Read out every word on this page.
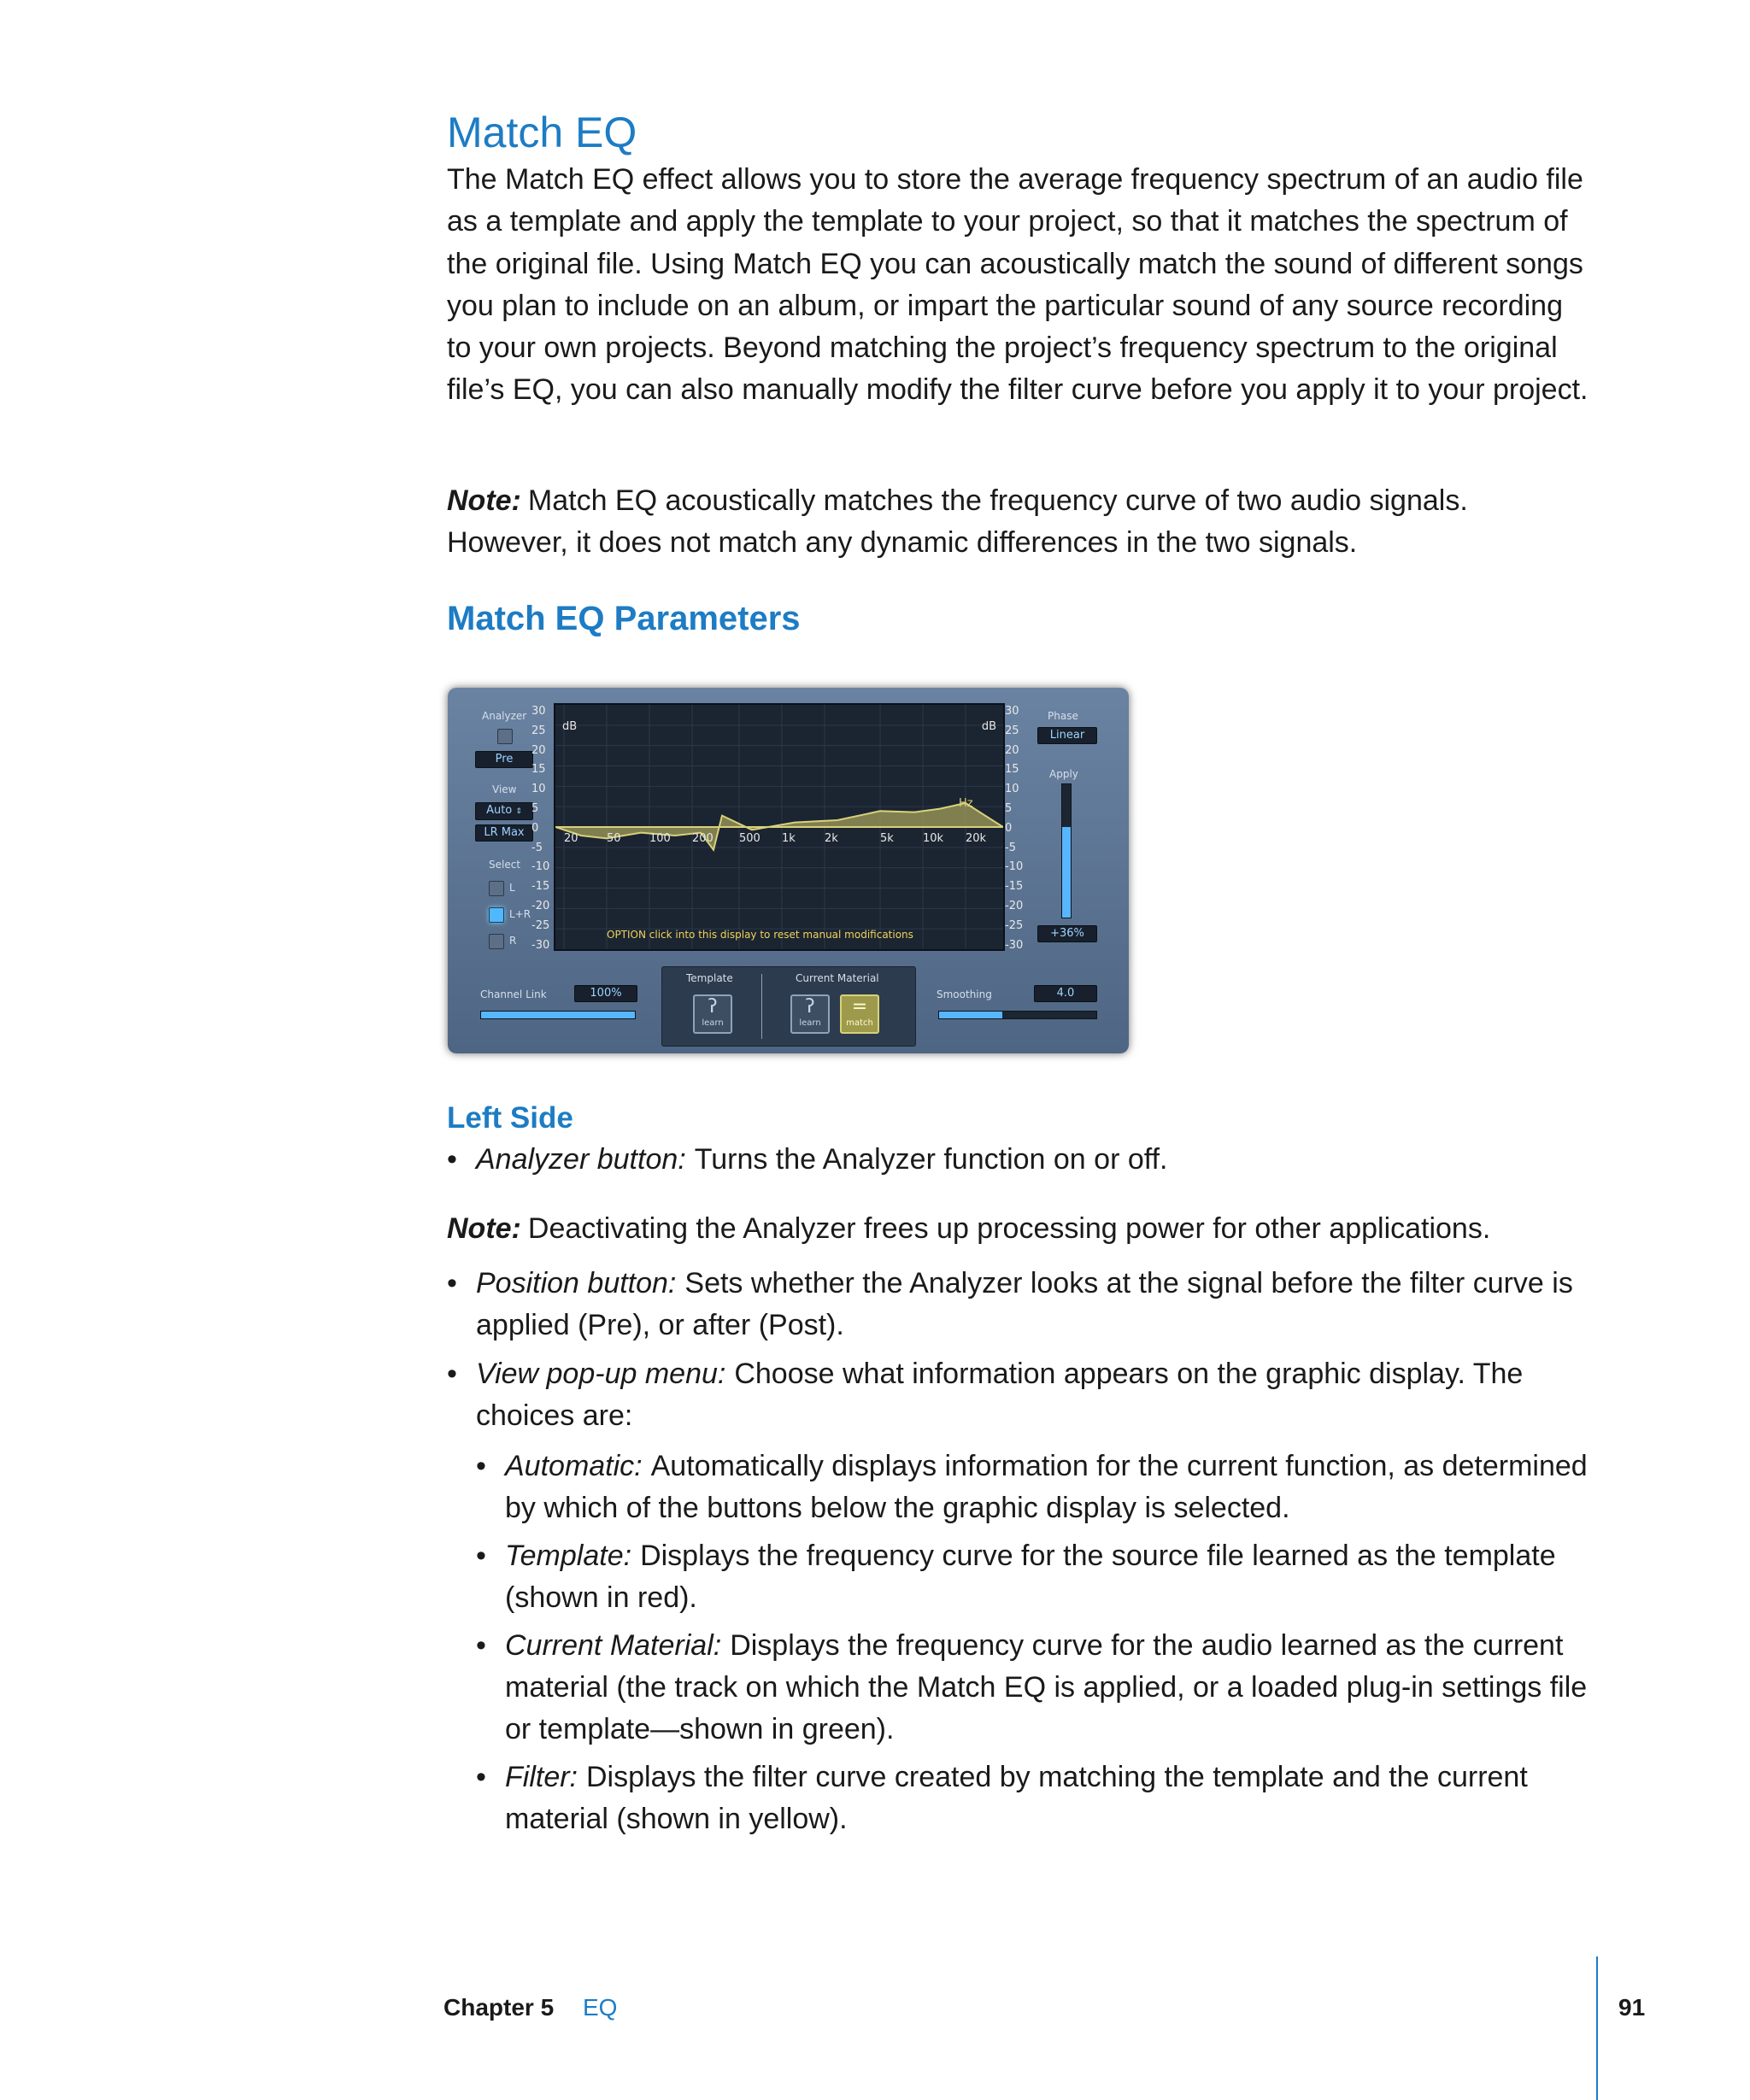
Match EQ

The Match EQ effect allows you to store the average frequency spectrum of an audio file as a template and apply the template to your project, so that it matches the spectrum of the original file. Using Match EQ you can acoustically match the sound of different songs you plan to include on an album, or impart the particular sound of any source recording to your own projects. Beyond matching the project’s frequency spectrum to the original file’s EQ, you can also manually modify the filter curve before you apply it to your project.

Note: Match EQ acoustically matches the frequency curve of two audio signals. However, it does not match any dynamic differences in the two signals.

Match EQ Parameters
Analyzer
Pre
View
Auto ⇕
LR Max
Select
L
L+R
R
20	50	100 200 500 1k	2k	5k	10k 20k
dB	dB
Hz
OPTION click into this display to reset manual modifications
Phase
Linear
Apply
+36%
Channel Link	100%
Template	Current Material
ʔ
learn
ʔ
learn
=
match
Smoothing	4.0
30
25
20
15
10
5
0
-5
-10
-15
-20
-25
-30
30
25
20
15
10
5
0
-5
-10
-15
-20
-25
-30
Left Side
• Analyzer button: Turns the Analyzer function on or off.

Note: Deactivating the Analyzer frees up processing power for other applications.

• Position button: Sets whether the Analyzer looks at the signal before the filter curve is applied (Pre), or after (Post).
• View pop-up menu: Choose what information appears on the graphic display. The choices are:
• Automatic: Automatically displays information for the current function, as determined by which of the buttons below the graphic display is selected.
• Template: Displays the frequency curve for the source file learned as the template (shown in red).
• Current Material: Displays the frequency curve for the audio learned as the current material (the track on which the Match EQ is applied, or a loaded plug-in settings file or template—shown in green).
• Filter: Displays the filter curve created by matching the template and the current material (shown in yellow).
Chapter 5 EQ	91
